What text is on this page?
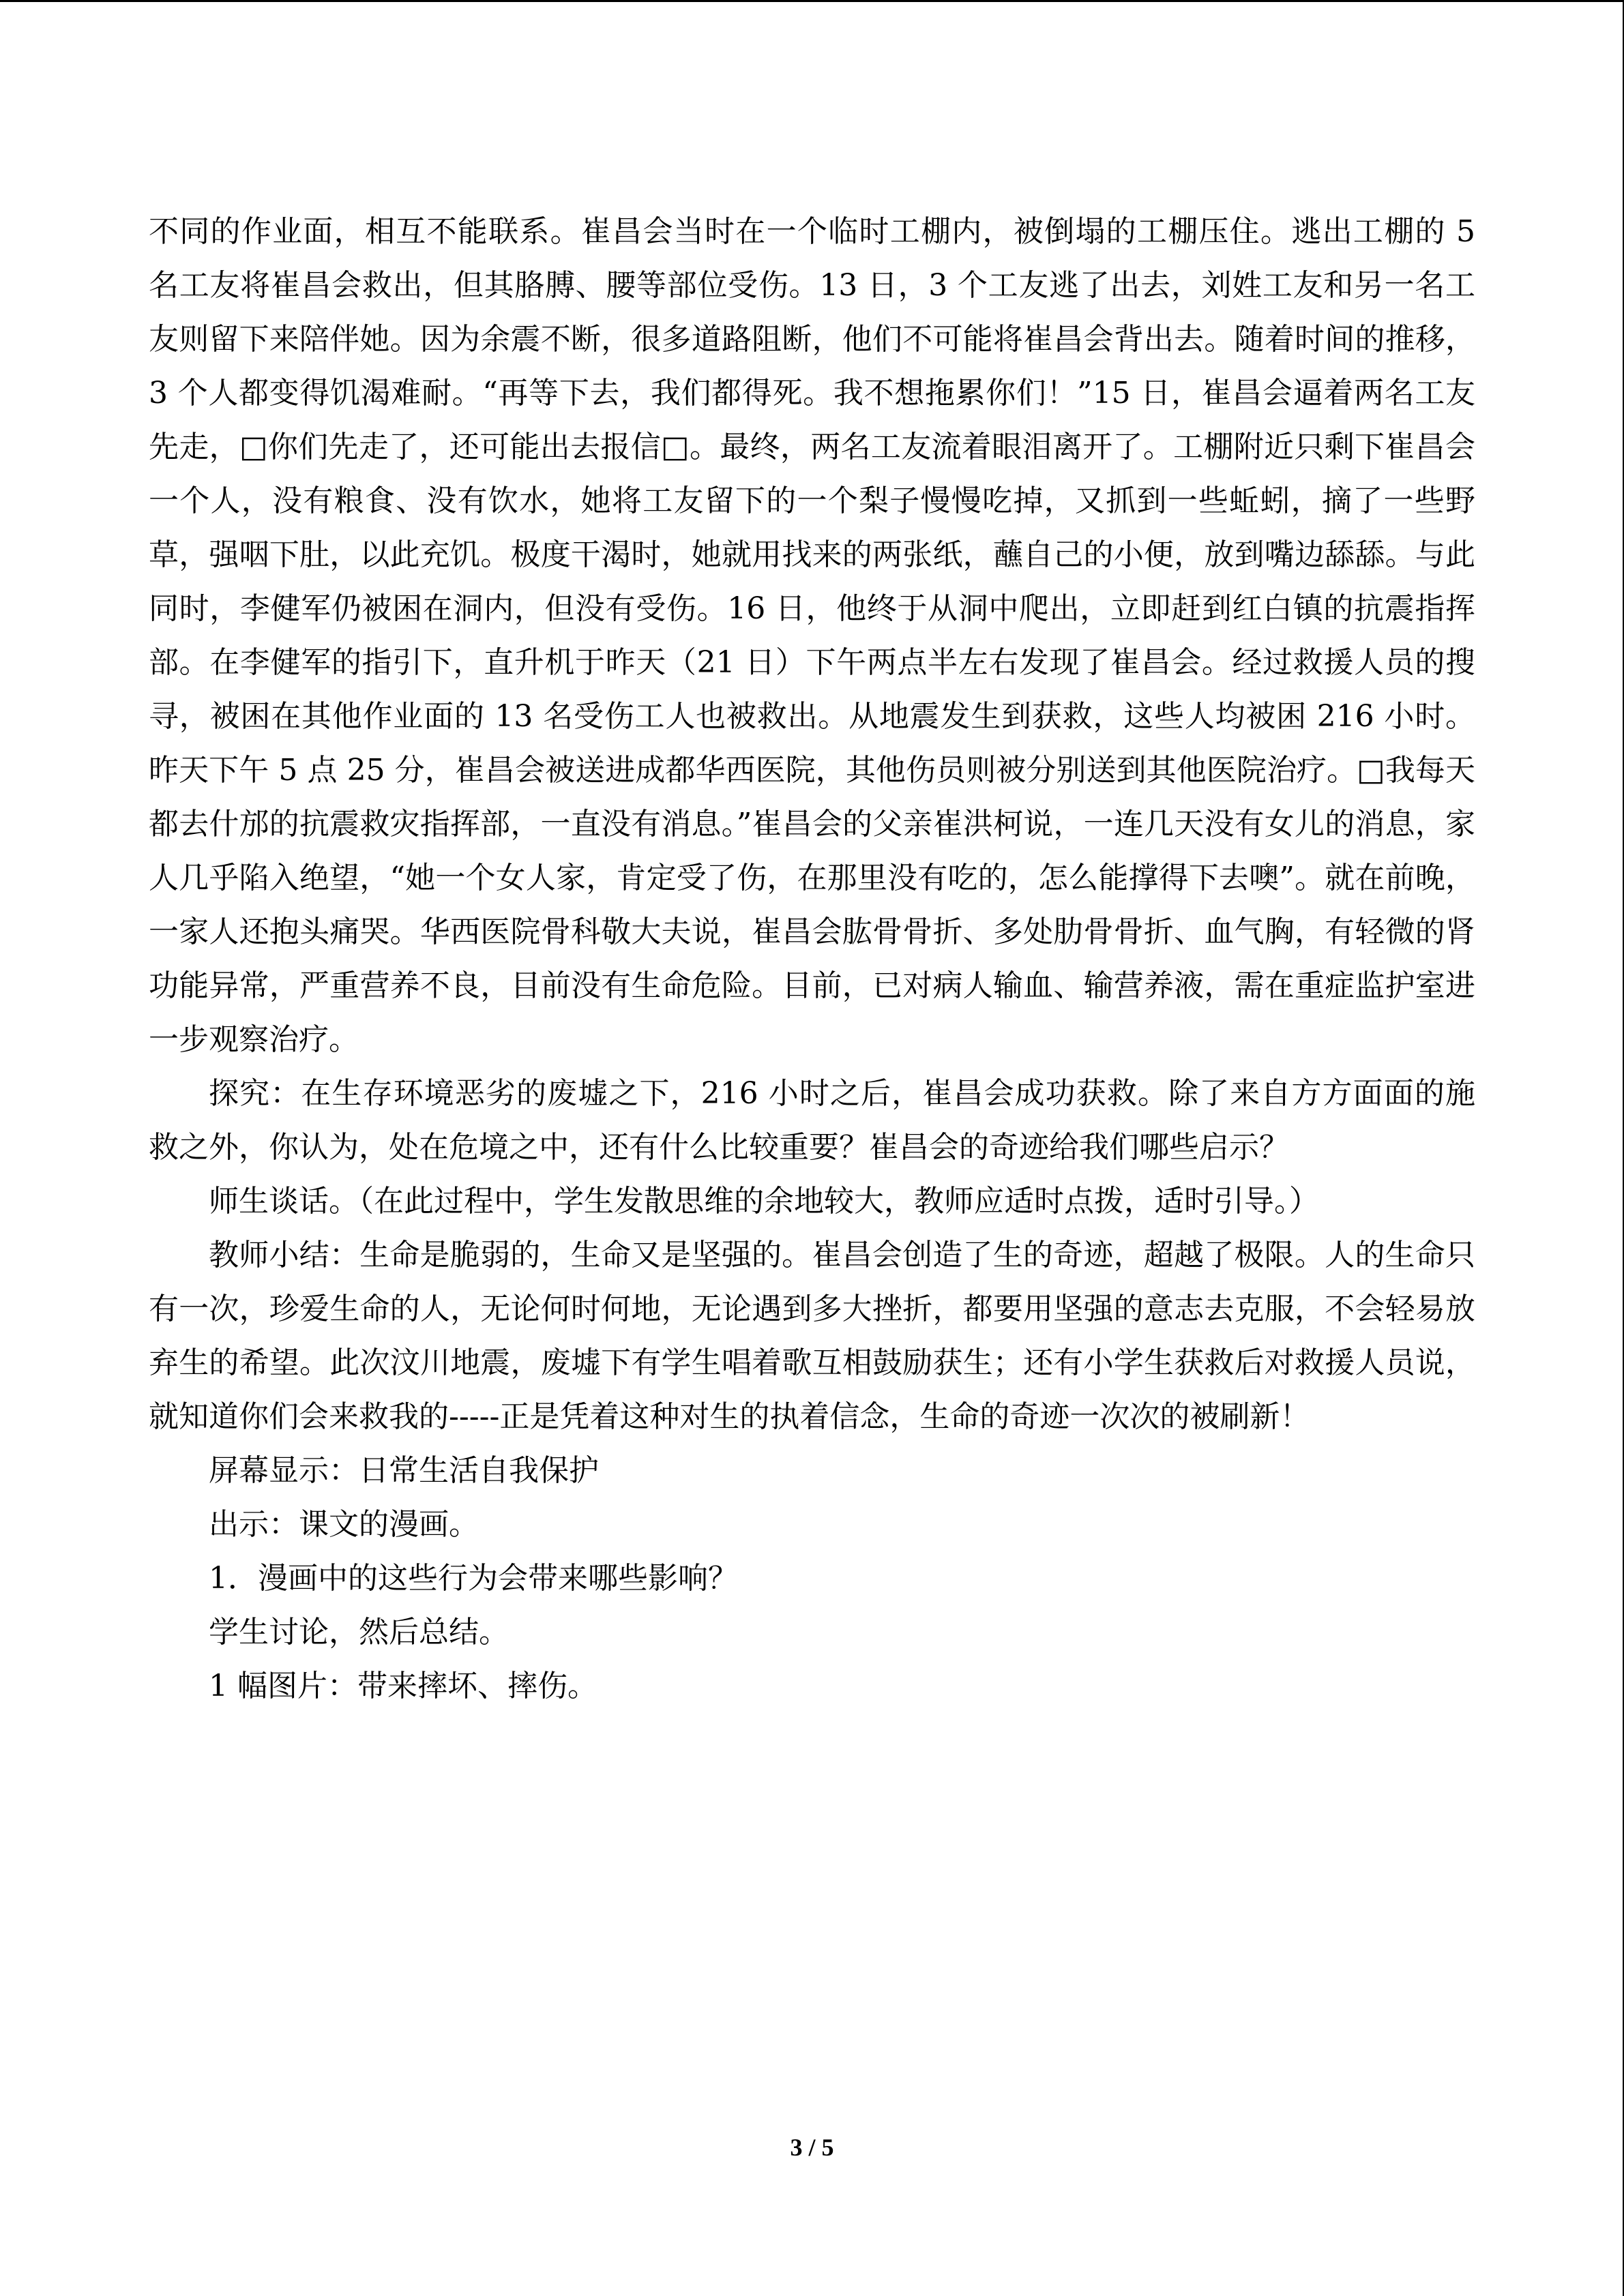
不同的作业面，相互不能联系。崔昌会当时在一个临时工棚内，被倒塌的工棚压住。逃出工棚的 5 名工友将崔昌会救出，但其胳膊、腰等部位受伤。13 日，3 个工友逃了出去，刘姓工友和另一名工友则留下来陪伴她。因为余震不断，很多道路阻断，他们不可能将崔昌会背出去。随着时间的推移，3 个人都变得饥渴难耐。“再等下去，我们都得死。我不想拖累你们！”15 日，崔昌会逼着两名工友先走，□你们先走了，还可能出去报信□。最终，两名工友流着眼泪离开了。工棚附近只剩下崔昌会一个人，没有粮食、没有饮水，她将工友留下的一个梨子慢慢吃掉，又抓到一些蚯蚓，摘了一些野草，强咽下肚，以此充饥。极度干渴时，她就用找来的两张纸，蘸自己的小便，放到嘴边舔舔。与此同时，李健军仍被困在洞内，但没有受伤。16 日，他终于从洞中爬出，立即赶到红白镇的抗震指挥部。在李健军的指引下，直升机于昨天（21 日）下午两点半左右发现了崔昌会。经过救援人员的搜寻，被困在其他作业面的 13 名受伤工人也被救出。从地震发生到获救，这些人均被困 216 小时。昨天下午 5 点 25 分，崔昌会被送进成都华西医院，其他伤员则被分别送到其他医院治疗。□我每天都去什邡的抗震救灾指挥部，一直没有消息。”崔昌会的父亲崔洪柯说，一连几天没有女儿的消息，家人几乎陷入绝望，“她一个女人家，肯定受了伤，在那里没有吃的，怎么能撑得下去噢”。就在前晚，一家人还抱头痛哭。华西医院骨科敬大夫说，崔昌会肱骨骨折、多处肋骨骨折、血气胸，有轻微的肾功能异常，严重营养不良，目前没有生命危险。目前，已对病人输血、输营养液，需在重症监护室进一步观察治疗。

探究：在生存环境恶劣的废墟之下，216 小时之后，崔昌会成功获救。除了来自方方面面的施救之外，你认为，处在危境之中，还有什么比较重要？崔昌会的奇迹给我们哪些启示？

师生谈话。（在此过程中，学生发散思维的余地较大，教师应适时点拨，适时引导。）

教师小结：生命是脆弱的，生命又是坚强的。崔昌会创造了生的奇迹，超越了极限。人的生命只有一次，珍爱生命的人，无论何时何地，无论遇到多大挫折，都要用坚强的意志去克服，不会轻易放弃生的希望。此次汶川地震，废墟下有学生唱着歌互相鼓励获生；还有小学生获救后对救援人员说，就知道你们会来救我的-----正是凭着这种对生的执着信念，生命的奇迹一次次的被刷新！

屏幕显示：日常生活自我保护

出示：课文的漫画。

1．漫画中的这些行为会带来哪些影响？

学生讨论，然后总结。

1 幅图片：带来摔坏、摔伤。

3 / 5
